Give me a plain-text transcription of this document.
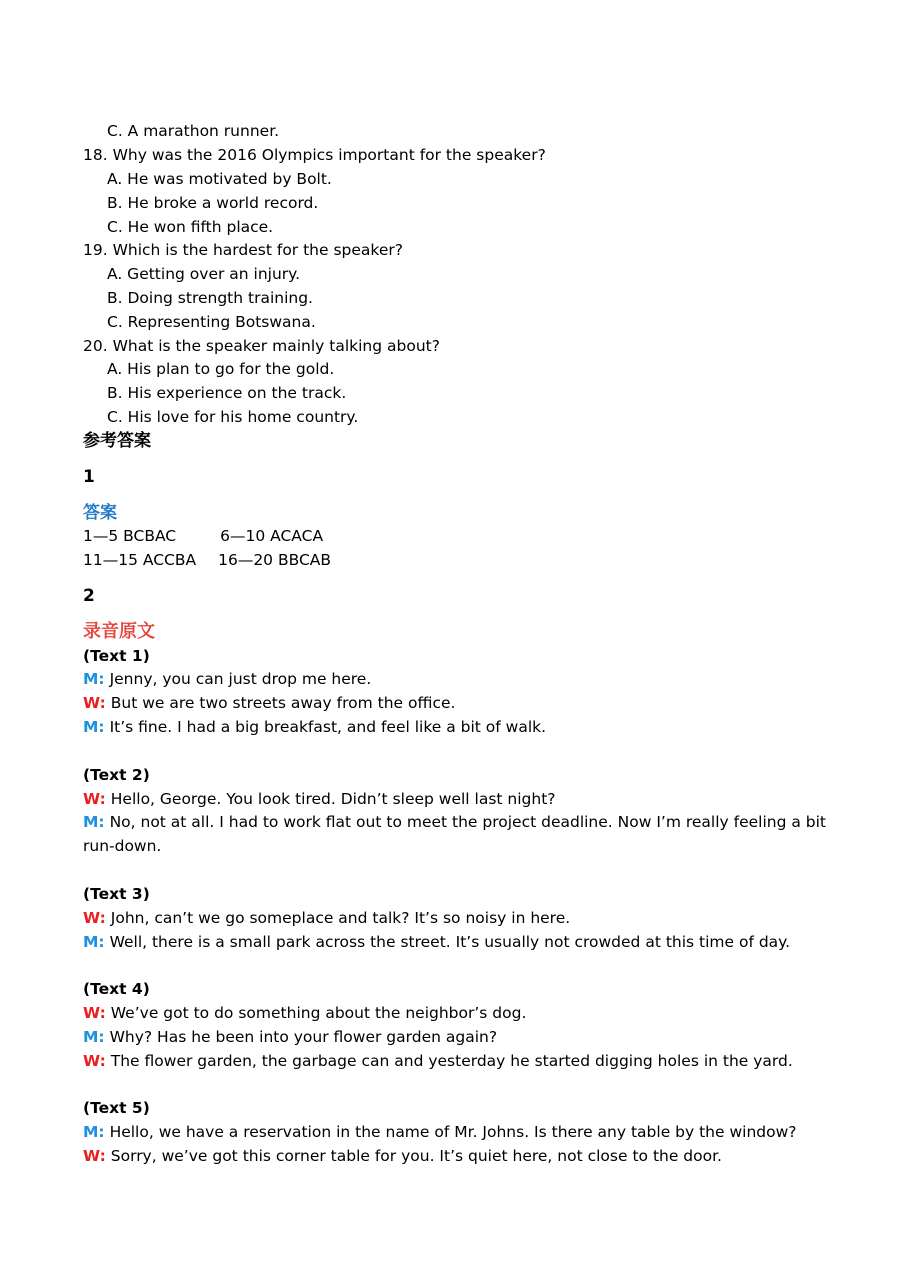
C. A marathon runner.
18. Why was the 2016 Olympics important for the speaker?
A. He was motivated by Bolt.
B. He broke a world record.
C. He won fifth place.
19. Which is the hardest for the speaker?
A. Getting over an injury.
B. Doing strength training.
C. Representing Botswana.
20. What is the speaker mainly talking about?
A. His plan to go for the gold.
B. His experience on the track.
C. His love for his home country.
参考答案
1
答案
1—5 BCBAC	6—10 ACACA
11—15 ACCBA 16—20 BBCAB
2
录音原文
(Text 1)
M: Jenny, you can just drop me here.
W: But we are two streets away from the office.
M: It’s fine. I had a big breakfast, and feel like a bit of walk.
(Text 2)
W: Hello, George. You look tired. Didn’t sleep well last night?
M: No, not at all. I had to work flat out to meet the project deadline. Now I’m really feeling a bit run-down.
(Text 3)
W: John, can’t we go someplace and talk? It’s so noisy in here.
M: Well, there is a small park across the street. It’s usually not crowded at this time of day.
(Text 4)
W: We’ve got to do something about the neighbor’s dog.
M: Why? Has he been into your flower garden again?
W: The flower garden, the garbage can and yesterday he started digging holes in the yard.
(Text 5)
M: Hello, we have a reservation in the name of Mr. Johns. Is there any table by the window?
W: Sorry, we’ve got this corner table for you. It’s quiet here, not close to the door.
